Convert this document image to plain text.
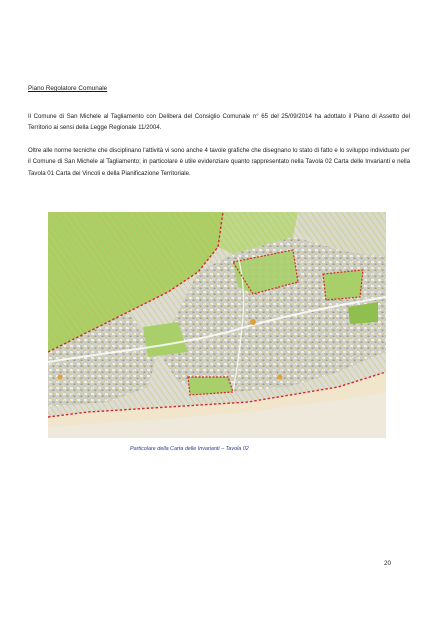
Piano Regolatore Comunale

Il Comune di San Michele al Tagliamento con Delibera del Consiglio Comunale n° 65 del 25/09/2014 ha adottato il Piano di Assetto del Territorio ai sensi della Legge Regionale 11/2004.

Oltre alle norme tecniche che disciplinano l'attività vi sono anche 4 tavole grafiche che disegnano lo stato di fatto e lo sviluppo individuato per il Comune di San Michele al Tagliamento; in particolare è utile evidenziare quanto rappresentato nella Tavola 02 Carta delle Invarianti e nella Tavola 01 Carta dei Vincoli e della Pianificazione Territoriale.

Particolare della Carta delle Invarianti – Tavola 02
20
